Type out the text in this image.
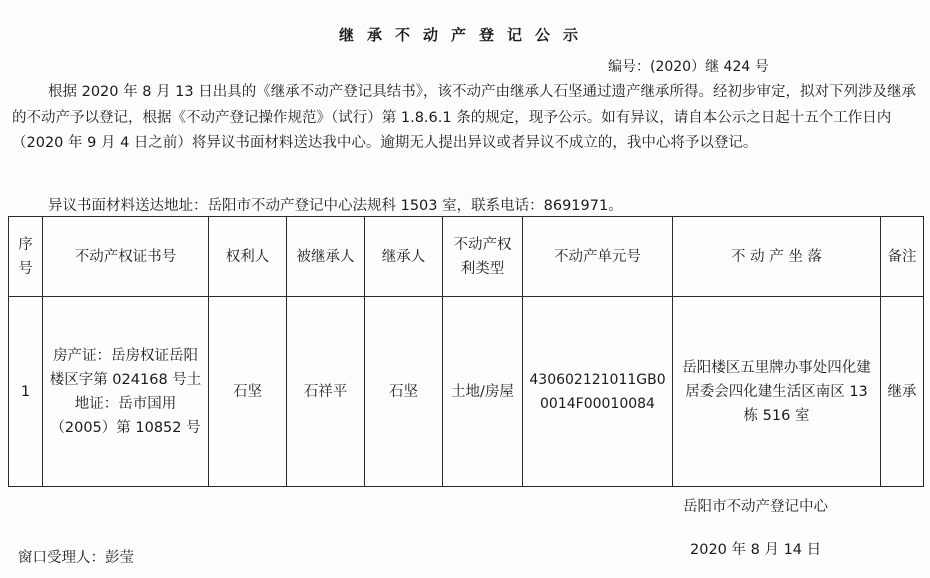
继承不动产登记公示
编号：(2020）继 424 号

根据 2020 年 8 月 13 日出具的《继承不动产登记具结书》，该不动产由继承人石坚通过遗产继承所得。经初步审定，拟对下列涉及继承的不动产予以登记，根据《不动产登记操作规范》（试行）第 1.8.6.1 条的规定，现予公示。如有异议，请自本公示之日起十五个工作日内（2020 年 9 月 4 日之前）将异议书面材料送达我中心。逾期无人提出异议或者异议不成立的，我中心将予以登记。

异议书面材料送达地址：岳阳市不动产登记中心法规科 1503 室，联系电话：8691971。
序号	不动产权证书号	权利人	被继承人	继承人	不动产权利类型	不动产单元号	不 动 产 坐 落	备注
1	房产证：岳房权证岳阳楼区字第 024168 号土地证：岳市国用（2005）第 10852 号	石坚	石祥平	石坚	土地/房屋	430602121011GB00014F00010084	岳阳楼区五里牌办事处四化建居委会四化建生活区南区 13 栋 516 室	继承
岳阳市不动产登记中心
2020 年 8 月 14 日
窗口受理人：彭莹
